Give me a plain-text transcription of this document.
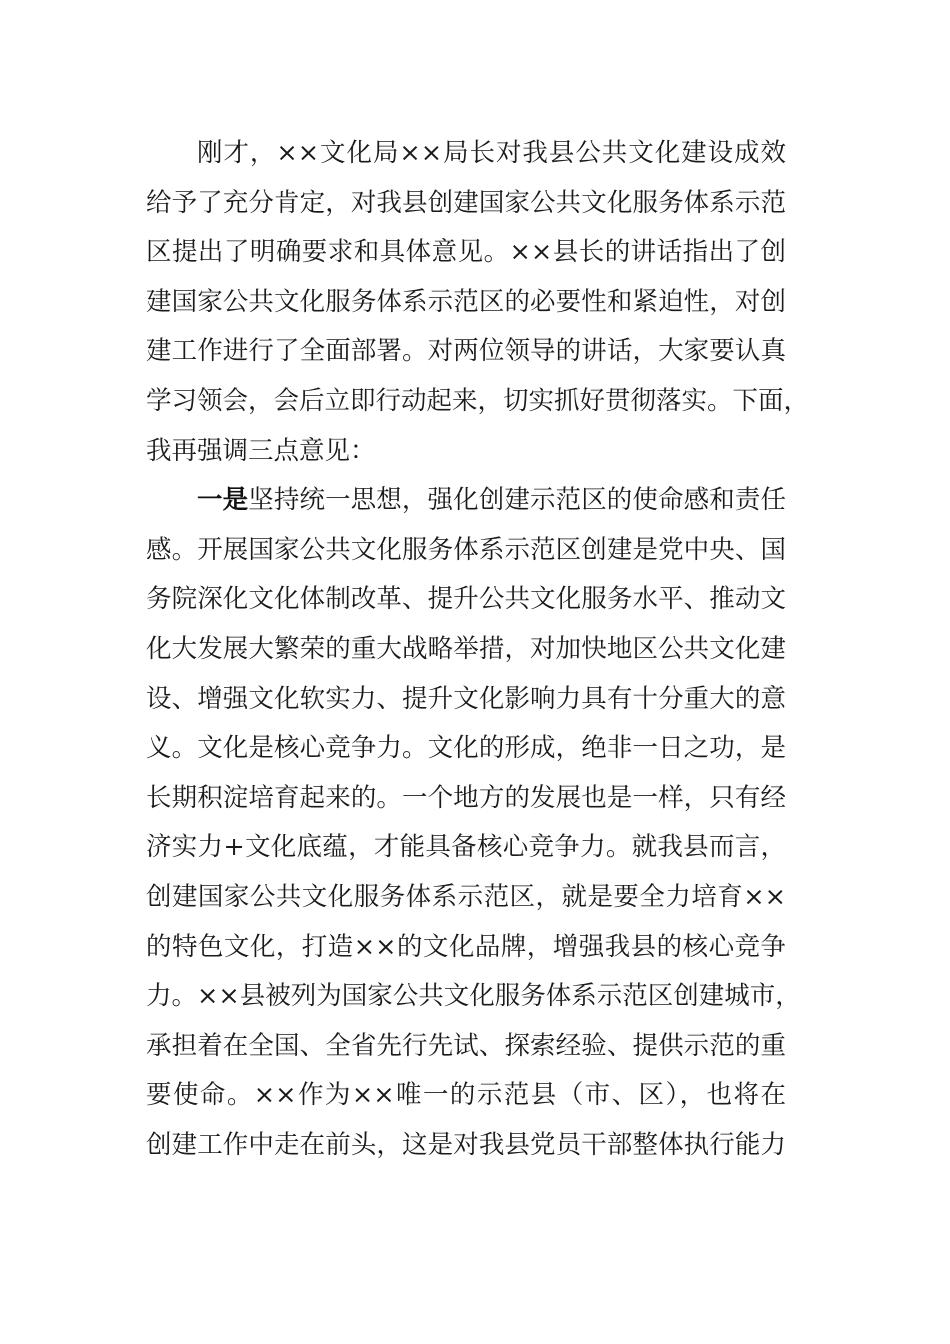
刚才，××文化局××局长对我县公共文化建设成效
给予了充分肯定，对我县创建国家公共文化服务体系示范
区提出了明确要求和具体意见。××县长的讲话指出了创
建国家公共文化服务体系示范区的必要性和紧迫性，对创
建工作进行了全面部署。对两位领导的讲话，大家要认真
学习领会，会后立即行动起来，切实抓好贯彻落实。下面，
我再强调三点意见：
一是坚持统一思想，强化创建示范区的使命感和责任
感。开展国家公共文化服务体系示范区创建是党中央、国
务院深化文化体制改革、提升公共文化服务水平、推动文
化大发展大繁荣的重大战略举措，对加快地区公共文化建
设、增强文化软实力、提升文化影响力具有十分重大的意
义。文化是核心竞争力。文化的形成，绝非一日之功，是
长期积淀培育起来的。一个地方的发展也是一样，只有经
济实力+文化底蕴，才能具备核心竞争力。就我县而言，
创建国家公共文化服务体系示范区，就是要全力培育××
的特色文化，打造××的文化品牌，增强我县的核心竞争
力。××县被列为国家公共文化服务体系示范区创建城市，
承担着在全国、全省先行先试、探索经验、提供示范的重
要使命。××作为××唯一的示范县（市、区），也将在
创建工作中走在前头，这是对我县党员干部整体执行能力
